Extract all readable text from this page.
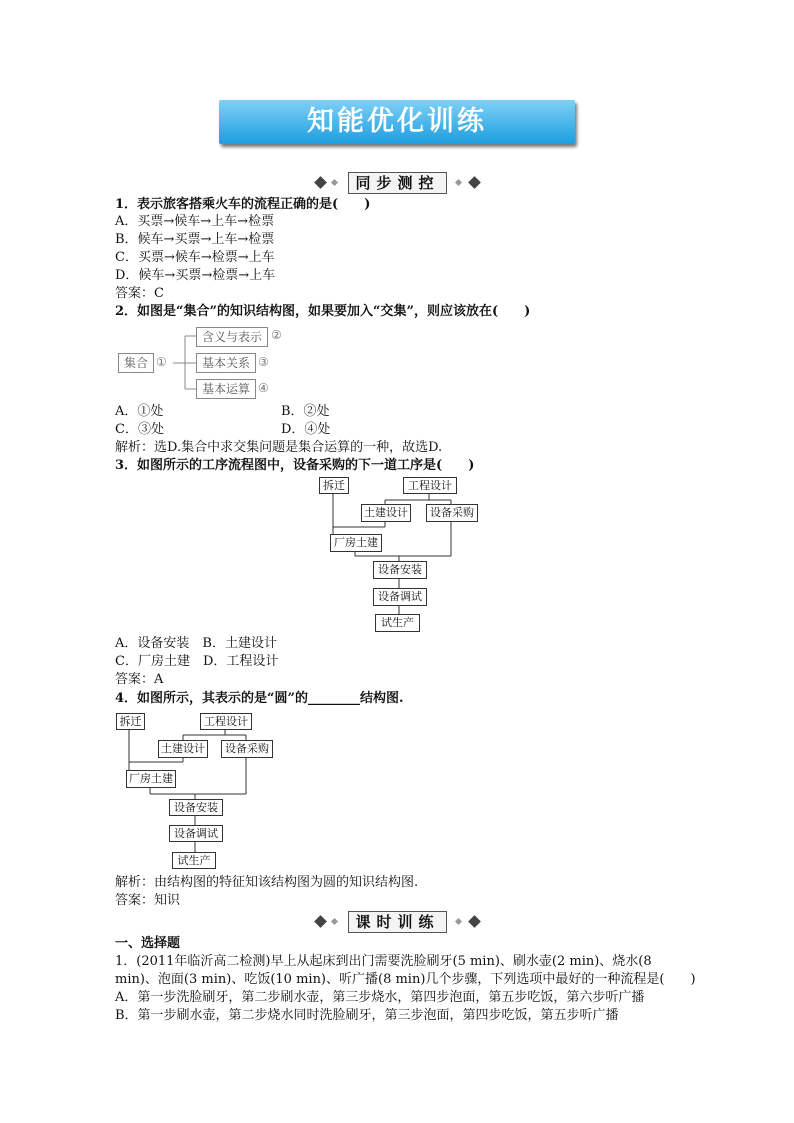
知能优化训练
同步测控
1．表示旅客搭乘火车的流程正确的是(　　)
A．买票→候车→上车→检票
B．候车→买票→上车→检票
C．买票→候车→检票→上车
D．候车→买票→检票→上车
答案：C
2．如图是“集合”的知识结构图，如果要加入“交集”，则应该放在(　　)
集合 ①
含义与表示 ②
基本关系 ③
基本运算 ④
A．①处	B．②处
C．③处	D．④处
解析：选D.集合中求交集问题是集合运算的一种，故选D.
3．如图所示的工序流程图中，设备采购的下一道工序是(　　)
拆迁	工程设计
土建设计	设备采购
厂房土建
设备安装
设备调试
试生产
A．设备安装　B．土建设计
C．厂房土建　D．工程设计
答案：A
4．如图所示，其表示的是“圆”的________结构图.
拆迁	工程设计
土建设计	设备采购
厂房土建
设备安装
设备调试
试生产
解析：由结构图的特征知该结构图为圆的知识结构图.
答案：知识
课时训练
一、选择题
1．(2011年临沂高二检测)早上从起床到出门需要洗脸刷牙(5 min)、刷水壶(2 min)、烧水(8
min)、泡面(3 min)、吃饭(10 min)、听广播(8 min)几个步骤，下列选项中最好的一种流程是(　　)
A．第一步洗脸刷牙，第二步刷水壶，第三步烧水，第四步泡面，第五步吃饭，第六步听广播
B．第一步刷水壶，第二步烧水同时洗脸刷牙，第三步泡面，第四步吃饭，第五步听广播
